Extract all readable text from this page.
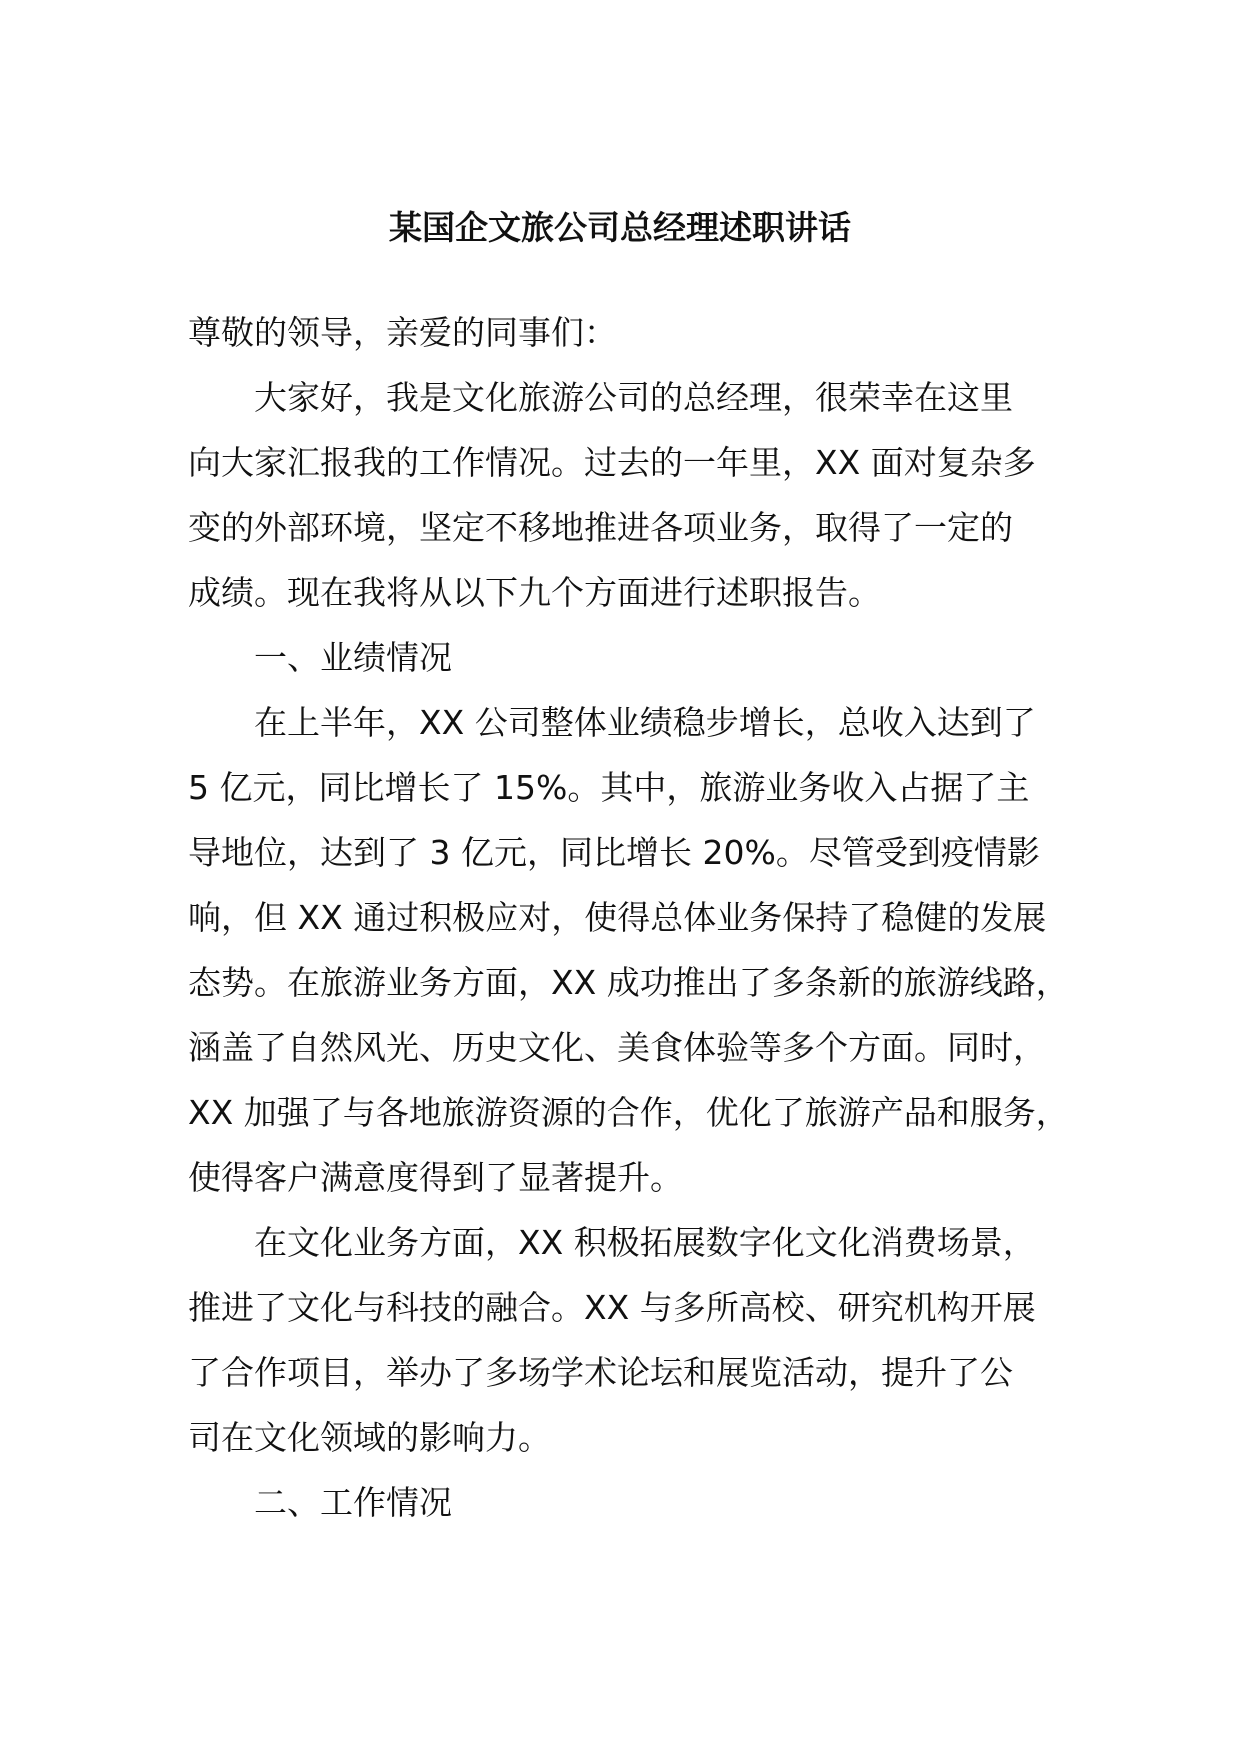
某国企文旅公司总经理述职讲话

尊敬的领导，亲爱的同事们：

大家好，我是文化旅游公司的总经理，很荣幸在这里
向大家汇报我的工作情况。过去的一年里，XX 面对复杂多
变的外部环境，坚定不移地推进各项业务，取得了一定的
成绩。现在我将从以下九个方面进行述职报告。

一、业绩情况

在上半年，XX 公司整体业绩稳步增长，总收入达到了
5 亿元，同比增长了 15%。其中，旅游业务收入占据了主
导地位，达到了 3 亿元，同比增长 20%。尽管受到疫情影
响，但 XX 通过积极应对，使得总体业务保持了稳健的发展
态势。在旅游业务方面，XX 成功推出了多条新的旅游线路，
涵盖了自然风光、历史文化、美食体验等多个方面。同时，
XX 加强了与各地旅游资源的合作，优化了旅游产品和服务，
使得客户满意度得到了显著提升。

在文化业务方面，XX 积极拓展数字化文化消费场景，
推进了文化与科技的融合。XX 与多所高校、研究机构开展
了合作项目，举办了多场学术论坛和展览活动，提升了公
司在文化领域的影响力。

二、工作情况
